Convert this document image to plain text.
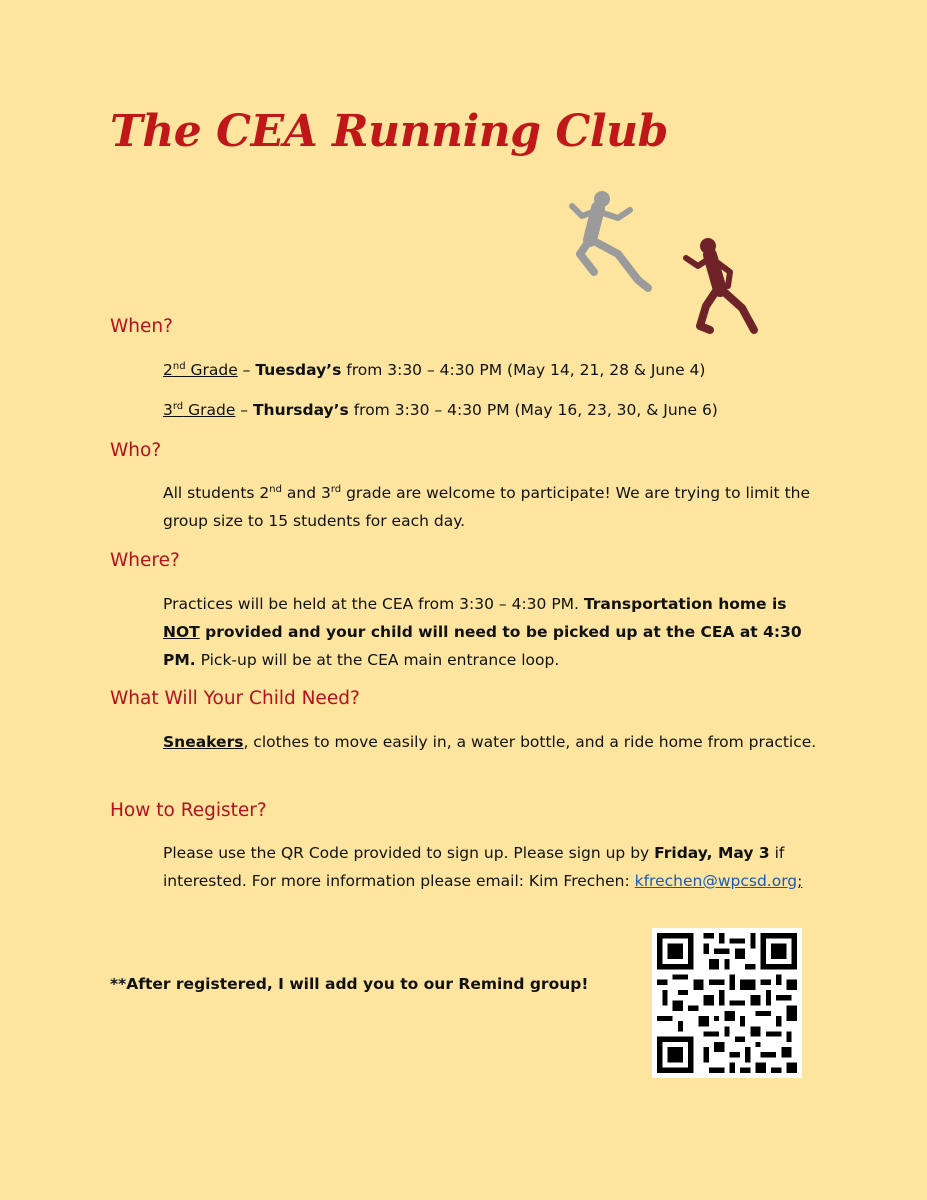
The CEA Running Club
When?

2nd Grade – Tuesday’s from 3:30 – 4:30 PM (May 14, 21, 28 & June 4)

3rd Grade – Thursday’s from 3:30 – 4:30 PM (May 16, 23, 30, & June 6)

Who?

All students 2nd and 3rd grade are welcome to participate! We are trying to limit the group size to 15 students for each day.

Where?

Practices will be held at the CEA from 3:30 – 4:30 PM. Transportation home is NOT provided and your child will need to be picked up at the CEA at 4:30 PM. Pick-up will be at the CEA main entrance loop.

What Will Your Child Need?

Sneakers, clothes to move easily in, a water bottle, and a ride home from practice.

How to Register?

Please use the QR Code provided to sign up. Please sign up by Friday, May 3 if interested. For more information please email: Kim Frechen: kfrechen@wpcsd.org;

**After registered, I will add you to our Remind group!
